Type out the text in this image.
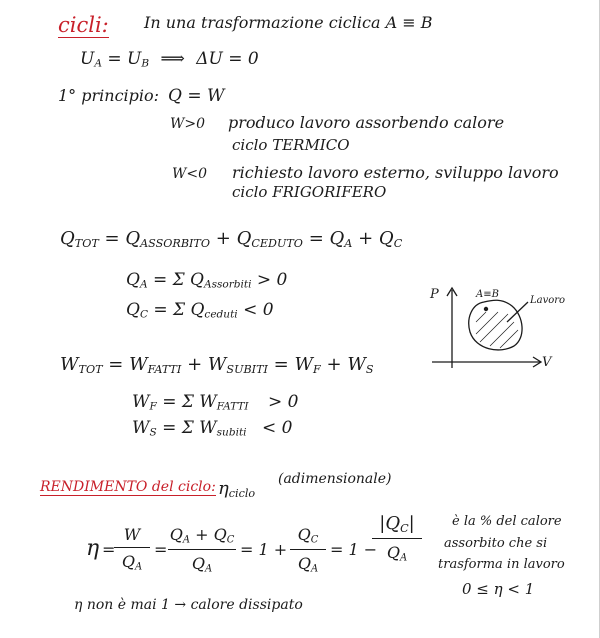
cicli: In una trasformazione ciclica A ≡ B
$U_A = U_B$ ⟹ ΔU = 0
1° principio: Q = W
W>0 produco lavoro assorbendo calore
ciclo TERMICO
W<0 richiesto lavoro esterno, sviluppo lavoro
ciclo FRIGORIFERO
$Q_{TOT} = Q_{ASSORBITO} + Q_{CEDUTO} = Q_A + Q_C$
$Q_A = \Sigma$ $Q_{Assorbiti} > 0$
$Q_C = \Sigma$ $Q_{ceduti} < 0$
$W_{TOT} = W_{FATTI} + W_{SUBITI} = W_F + W_S$
$W_F = \Sigma$ $W_{FATTI} > 0$
$W_S = \Sigma$ $W_{subiti} < 0$
P
V
A≡B
Lavoro
RENDIMENTO del ciclo: $\eta_{ciclo}$
(adimensionale)
η =
W
$Q_A$
=
$Q_A + Q_C$
$Q_A$
= 1 +
$Q_C$
$Q_A$
= 1 −
$|Q_C|$
$Q_A$
è la % del calore
assorbito che si
trasforma in lavoro
0 ≤ η < 1
η non è mai 1 → calore dissipato
